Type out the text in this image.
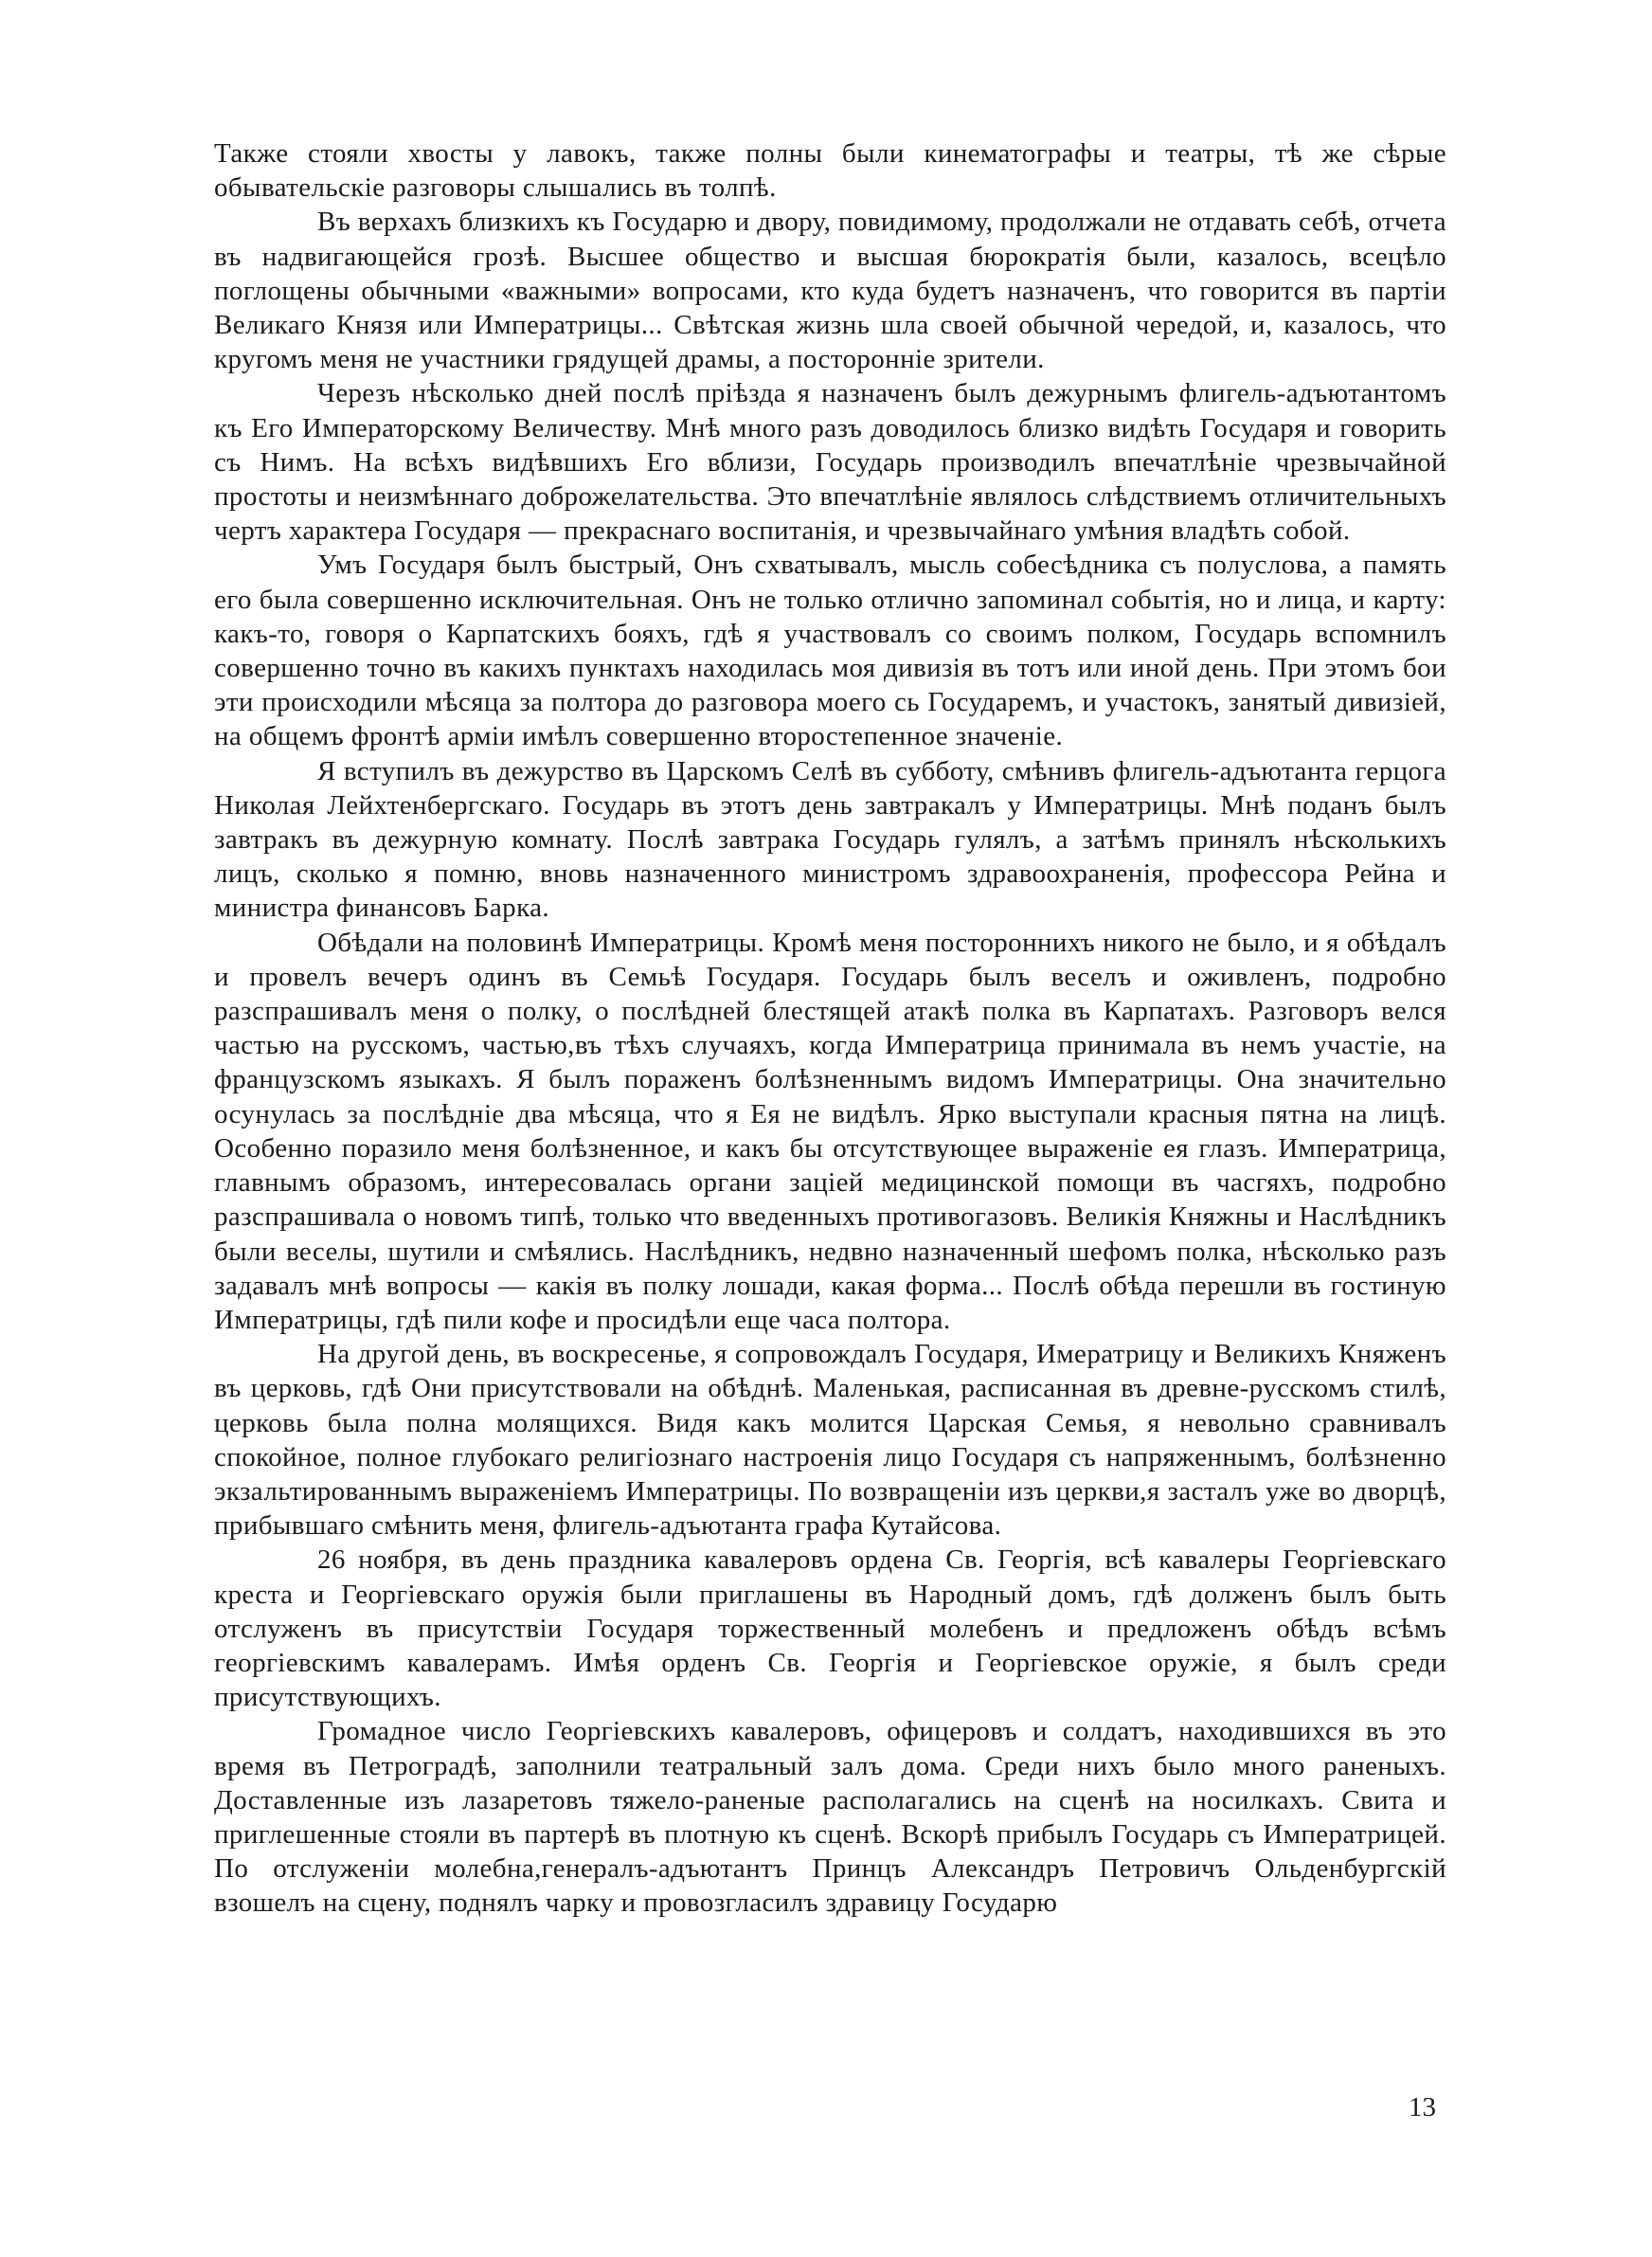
Также стояли хвосты у лавокъ, также полны были кинематографы и театры, тѣ же сѣрые обывательскіе разговоры слышались въ толпѣ.

Въ верхахъ близкихъ къ Государю и двору, повидимому, продолжали не отдавать себѣ, отчета въ надвигающейся грозѣ. Высшее общество и высшая бюрократія были, казалось, всецѣло поглощены обычными «важными» вопросами, кто куда будетъ назначенъ, что говорится въ партіи Великаго Князя или Императрицы... Свѣтская жизнь шла своей обычной чередой, и, казалось, что кругомъ меня не участники грядущей драмы, а посторонніе зрители.

Черезъ нѣсколько дней послѣ пріѣзда я назначенъ былъ дежурнымъ флигель-адъютантомъ къ Его Императорскому Величеству. Мнѣ много разъ доводилось близко видѣть Государя и говорить съ Нимъ. На всѣхъ видѣвшихъ Его вблизи, Государь производилъ впечатлѣніе чрезвычайной простоты и неизмѣннаго доброжелательства. Это впечатлѣніе являлось слѣдствиемъ отличительныхъ чертъ характера Государя — прекраснаго воспитанія, и чрезвычайнаго умѣния владѣть собой.

Умъ Государя былъ быстрый, Онъ схватывалъ, мысль собесѣдника съ полуслова, а память его была совершенно исключительная. Онъ не только отлично запоминал событія, но и лица, и карту: какъ-то, говоря о Карпатскихъ бояхъ, гдѣ я участвовалъ со своимъ полком, Государь вспомнилъ совершенно точно въ какихъ пунктахъ находилась моя дивизія въ тотъ или иной день. При этомъ бои эти происходили мѣсяца за полтора до разговора моего сь Государемъ, и участокъ, занятый дивизіей, на общемъ фронтѣ арміи имѣлъ совершенно второстепенное значеніе.

Я вступилъ въ дежурство въ Царскомъ Селѣ въ субботу, смѣнивъ флигель-адъютанта герцога Николая Лейхтенбергскаго. Государь въ этотъ день завтракалъ у Императрицы. Мнѣ поданъ былъ завтракъ въ дежурную комнату. Послѣ завтрака Государь гулялъ, а затѣмъ принялъ нѣсколькихъ лицъ, сколько я помню, вновь назначенного министромъ здравоохраненія, профессора Рейна и министра финансовъ Барка.

Обѣдали на половинѣ Императрицы. Кромѣ меня постороннихъ никого не было, и я обѣдалъ и провелъ вечеръ одинъ въ Семьѣ Государя. Государь былъ веселъ и оживленъ, подробно разспрашивалъ меня о полку, о послѣдней блестящей атакѣ полка въ Карпатахъ. Разговоръ велся частью на русскомъ, частью,въ тѣхъ случаяхъ, когда Императрица принимала въ немъ участіе, на французскомъ языкахъ. Я былъ пораженъ болѣзненнымъ видомъ Императрицы. Она значительно осунулась за послѣдніе два мѣсяца, что я Ея не видѣлъ. Ярко выступали красныя пятна на лицѣ. Особенно поразило меня болѣзненное, и какъ бы отсутствующее выраженіе ея глазъ. Императрица, главнымъ образомъ, интересовалась органи зацiей медицинской помощи въ часгяхъ, подробно разспрашивала о новомъ типѣ, только что введенныхъ противогазовъ. Великія Княжны и Наслѣдникъ были веселы, шутили и смѣялись. Наслѣдникъ, недвно назначенный шефомъ полка, нѣсколько разъ задавалъ мнѣ вопросы — какія въ полку лошади, какая форма... Послѣ обѣда перешли въ гостиную Императрицы, гдѣ пили кофе и просидѣли еще часа полтора.

На другой день, въ воскресенье, я сопровождалъ Государя, Имератрицу и Великихъ Княженъ въ церковь, гдѣ Они присутствовали на обѣднѣ. Маленькая, расписанная въ древне-русскомъ стилѣ, церковь была полна молящихся. Видя какъ молится Царская Семья, я невольно сравнивалъ спокойное, полное глубокаго религіознаго настроенія лицо Государя съ напряженнымъ, болѣзненно экзальтированнымъ выраженіемъ Императрицы. По возвращенiи изъ церкви,я засталъ уже во дворцѣ, прибывшаго смѣнить меня, флигель-адъютанта графа Кутайсова.

26 ноября, въ день праздника кавалеровъ ордена Св. Георгія, всѣ кавалеры Георгіевскаго креста и Георгіевскаго оружія были приглашены въ Народный домъ, гдѣ долженъ былъ быть отслуженъ въ присутствіи Государя торжественный молебенъ и предложенъ обѣдъ всѣмъ георгіевскимъ кавалерамъ. Имѣя орденъ Св. Георгія и Георгіевское оружіе, я былъ среди присутствующихъ.

Громадное число Георгіевскихъ кавалеровъ, офицеровъ и солдатъ, находившихся въ это время въ Петроградѣ, заполнили театральный залъ дома. Среди нихъ было много раненыхъ. Доставленные изъ лазаретовъ тяжело-раненые располагались на сценѣ на носилкахъ. Свита и приглешенные стояли въ партерѣ въ плотную къ сценѣ. Вскорѣ прибылъ Государь съ Императрицей. По отслуженiи молебна,генералъ-адъютантъ Принцъ Александръ Петровичъ Ольденбургскій взошелъ на сцену, поднялъ чарку и провозгласилъ здравицу Государю

13
